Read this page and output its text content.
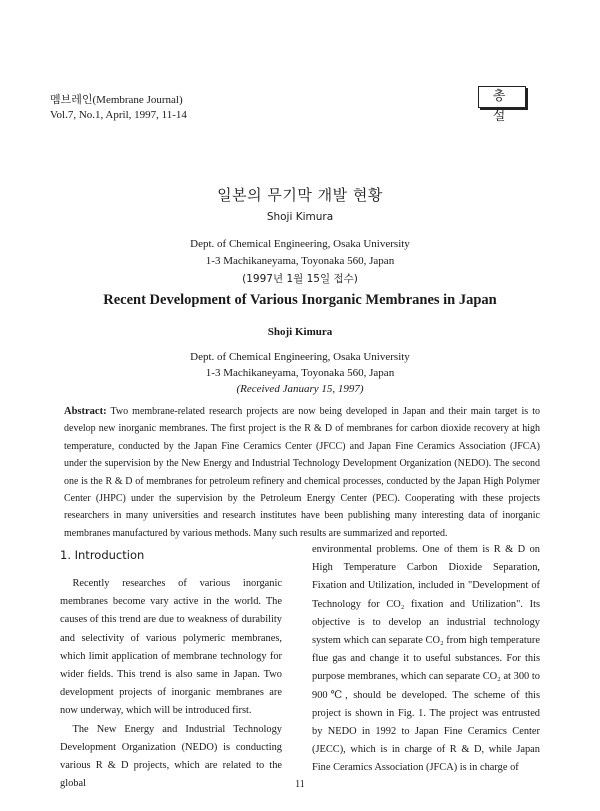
멤브레인(Membrane Journal)
Vol.7, No.1, April, 1997, 11-14
총 설
일본의 무기막 개발 현황
Shoji Kimura
Dept. of Chemical Engineering, Osaka University
1-3 Machikaneyama, Toyonaka 560, Japan
(1997년 1월 15일 접수)
Recent Development of Various Inorganic Membranes in Japan
Shoji Kimura
Dept. of Chemical Engineering, Osaka University
1-3 Machikaneyama, Toyonaka 560, Japan
(Received January 15, 1997)
Abstract: Two membrane-related research projects are now being developed in Japan and their main target is to develop new inorganic membranes. The first project is the R & D of membranes for carbon dioxide recovery at high temperature, conducted by the Japan Fine Ceramics Center (JFCC) and Japan Fine Ceramics Association (JFCA) under the supervision by the New Energy and Industrial Technology Development Organization (NEDO). The second one is the R & D of membranes for petroleum refinery and chemical processes, conducted by the Japan High Polymer Center (JHPC) under the supervision by the Petroleum Energy Center (PEC). Cooperating with these projects researchers in many universities and research institutes have been publishing many interesting data of inorganic membranes manufactured by various methods. Many such results are summarized and reported.
1. Introduction

Recently researches of various inorganic membranes become vary active in the world. The causes of this trend are due to weakness of durability and selectivity of various polymeric membranes, which limit application of membrane technology for wider fields. This trend is also same in Japan. Two development projects of inorganic membranes are now underway, which will be introduced first.

The New Energy and Industrial Technology Development Organization (NEDO) is conducting various R & D projects, which are related to the global

environmental problems. One of them is R & D on High Temperature Carbon Dioxide Separation, Fixation and Utilization, included in "Development of Technology for CO₂ fixation and Utilization". Its objective is to develop an industrial technology system which can separate CO₂ from high temperature flue gas and change it to useful substances. For this purpose membranes, which can separate CO₂ at 300 to 900℃, should be developed. The scheme of this project is shown in Fig. 1. The project was entrusted by NEDO in 1992 to Japan Fine Ceramics Center (JECC), which is in charge of R & D, while Japan Fine Ceramics Association (JFCA) is in charge of

11
